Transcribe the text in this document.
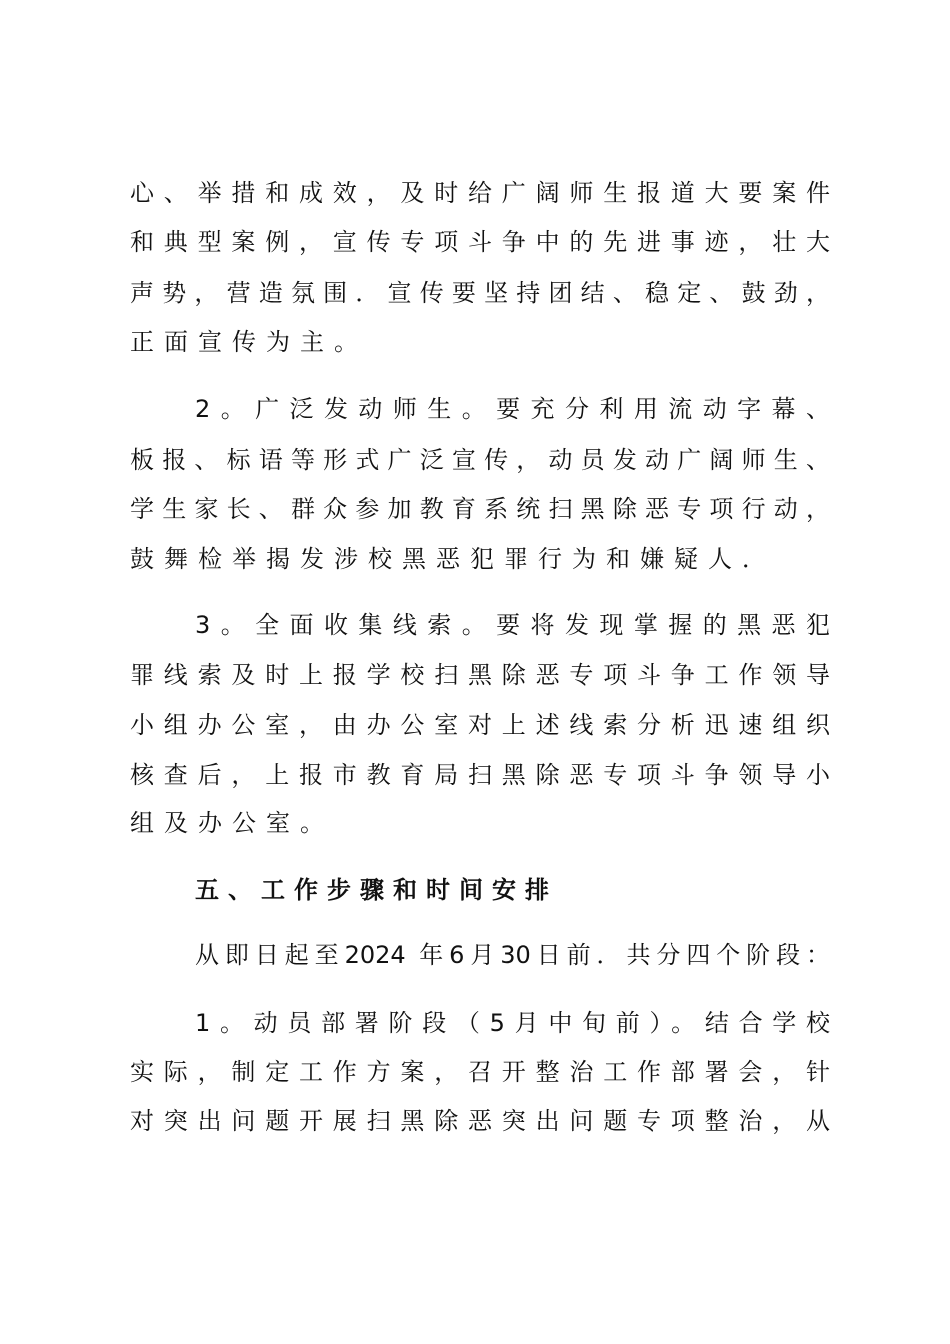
心、举措和成效，及时给广阔师生报道大要案件
和典型案例，宣传专项斗争中的先进事迹，壮大
声势，营造氛围．宣传要坚持团结、稳定、鼓劲，
正面宣传为主。
2。广泛发动师生。要充分利用流动字幕、
板报、标语等形式广泛宣传，动员发动广阔师生、
学生家长、群众参加教育系统扫黑除恶专项行动，
鼓舞检举揭发涉校黑恶犯罪行为和嫌疑人．
3。全面收集线索。要将发现掌握的黑恶犯
罪线索及时上报学校扫黑除恶专项斗争工作领导
小组办公室，由办公室对上述线索分析迅速组织
核查后，上报市教育局扫黑除恶专项斗争领导小
组及办公室。
五、工作步骤和时间安排
从即日起至2024 年6月30日前．共分四个阶段：
1。动员部署阶段（5月中旬前）。结合学校
实际，制定工作方案，召开整治工作部署会，针
对突出问题开展扫黑除恶突出问题专项整治，从
